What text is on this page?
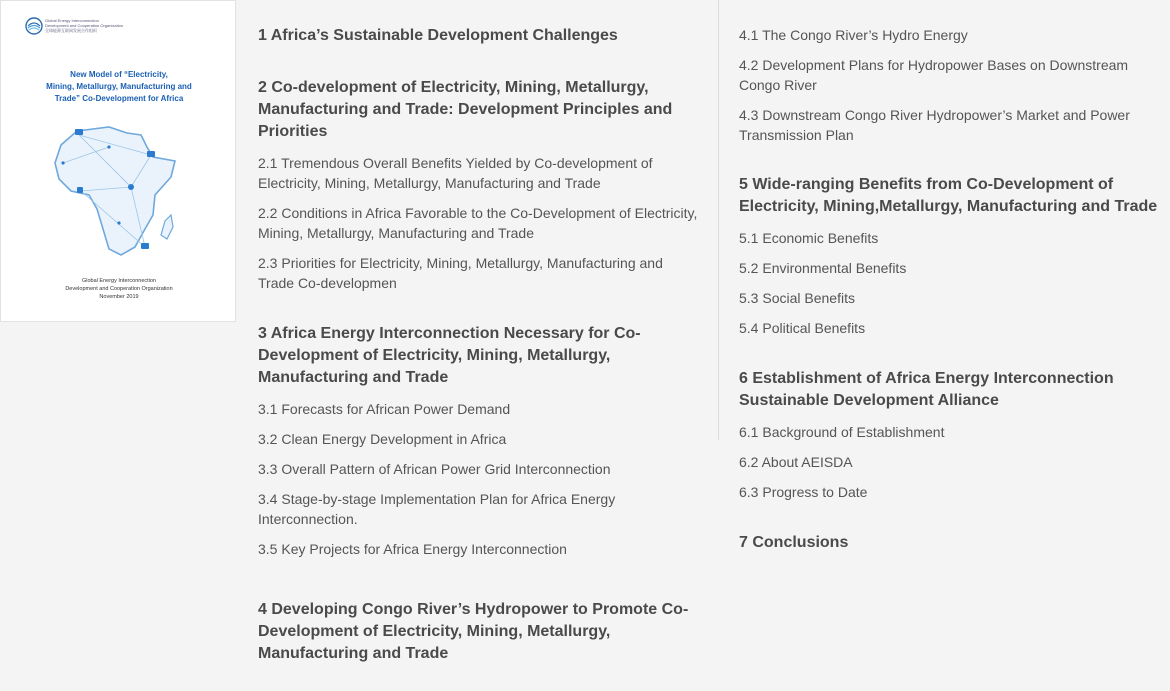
Global Energy Interconnection
Development and Cooperation Organization
全球能源互联网发展合作组织
New Model of “Electricity,
Mining, Metallurgy, Manufacturing and
Trade” Co-Development for Africa
Global Energy Interconnection
Development and Cooperation Organization
November 2019
1 Africa’s Sustainable Development Challenges
2 Co-development of Electricity, Mining, Metallurgy, Manufacturing and Trade: Development Principles and Priorities
2.1 Tremendous Overall Benefits Yielded by Co-development of Electricity, Mining, Metallurgy, Manufacturing and Trade
2.2 Conditions in Africa Favorable to the Co-Development of Electricity, Mining, Metallurgy, Manufacturing and Trade
2.3 Priorities for Electricity, Mining, Metallurgy, Manufacturing and Trade Co-developmen
3 Africa Energy Interconnection Necessary for Co-Development of Electricity, Mining, Metallurgy, Manufacturing and Trade
3.1 Forecasts for African Power Demand
3.2 Clean Energy Development in Africa
3.3 Overall Pattern of African Power Grid Interconnection
3.4 Stage-by-stage Implementation Plan for Africa Energy Interconnection.
3.5 Key Projects for Africa Energy Interconnection
4 Developing Congo River’s Hydropower to Promote Co-Development of Electricity, Mining, Metallurgy, Manufacturing and Trade
4.1 The Congo River’s Hydro Energy
4.2 Development Plans for Hydropower Bases on Downstream Congo River
4.3 Downstream Congo River Hydropower’s Market and Power Transmission Plan
5 Wide-ranging Benefits from Co-Development of Electricity, Mining,Metallurgy, Manufacturing and Trade
5.1 Economic Benefits
5.2 Environmental Benefits
5.3 Social Benefits
5.4 Political Benefits
6 Establishment of Africa Energy Interconnection Sustainable Development Alliance
6.1 Background of Establishment
6.2 About AEISDA
6.3 Progress to Date
7 Conclusions
